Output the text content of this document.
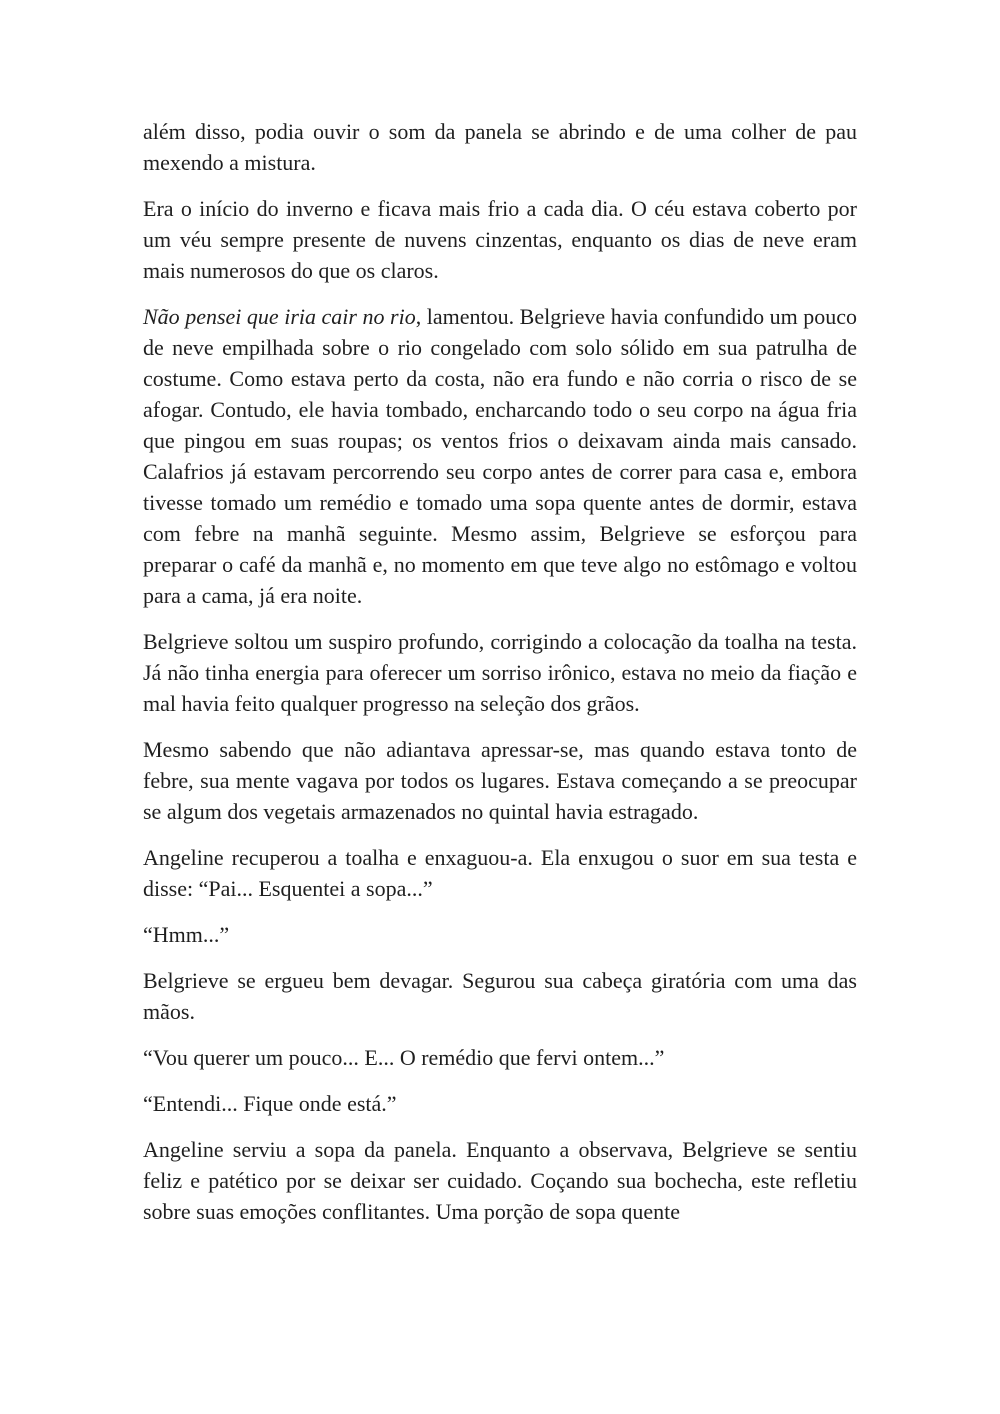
além disso, podia ouvir o som da panela se abrindo e de uma colher de pau mexendo a mistura.

Era o início do inverno e ficava mais frio a cada dia. O céu estava coberto por um véu sempre presente de nuvens cinzentas, enquanto os dias de neve eram mais numerosos do que os claros.

Não pensei que iria cair no rio, lamentou. Belgrieve havia confundido um pouco de neve empilhada sobre o rio congelado com solo sólido em sua patrulha de costume. Como estava perto da costa, não era fundo e não corria o risco de se afogar. Contudo, ele havia tombado, encharcando todo o seu corpo na água fria que pingou em suas roupas; os ventos frios o deixavam ainda mais cansado. Calafrios já estavam percorrendo seu corpo antes de correr para casa e, embora tivesse tomado um remédio e tomado uma sopa quente antes de dormir, estava com febre na manhã seguinte. Mesmo assim, Belgrieve se esforçou para preparar o café da manhã e, no momento em que teve algo no estômago e voltou para a cama, já era noite.

Belgrieve soltou um suspiro profundo, corrigindo a colocação da toalha na testa. Já não tinha energia para oferecer um sorriso irônico, estava no meio da fiação e mal havia feito qualquer progresso na seleção dos grãos.

Mesmo sabendo que não adiantava apressar-se, mas quando estava tonto de febre, sua mente vagava por todos os lugares. Estava começando a se preocupar se algum dos vegetais armazenados no quintal havia estragado.

Angeline recuperou a toalha e enxaguou-a. Ela enxugou o suor em sua testa e disse: “Pai... Esquentei a sopa...”

“Hmm...”

Belgrieve se ergueu bem devagar. Segurou sua cabeça giratória com uma das mãos.

“Vou querer um pouco... E... O remédio que fervi ontem...”

“Entendi... Fique onde está.”

Angeline serviu a sopa da panela. Enquanto a observava, Belgrieve se sentiu feliz e patético por se deixar ser cuidado. Coçando sua bochecha, este refletiu sobre suas emoções conflitantes. Uma porção de sopa quente
